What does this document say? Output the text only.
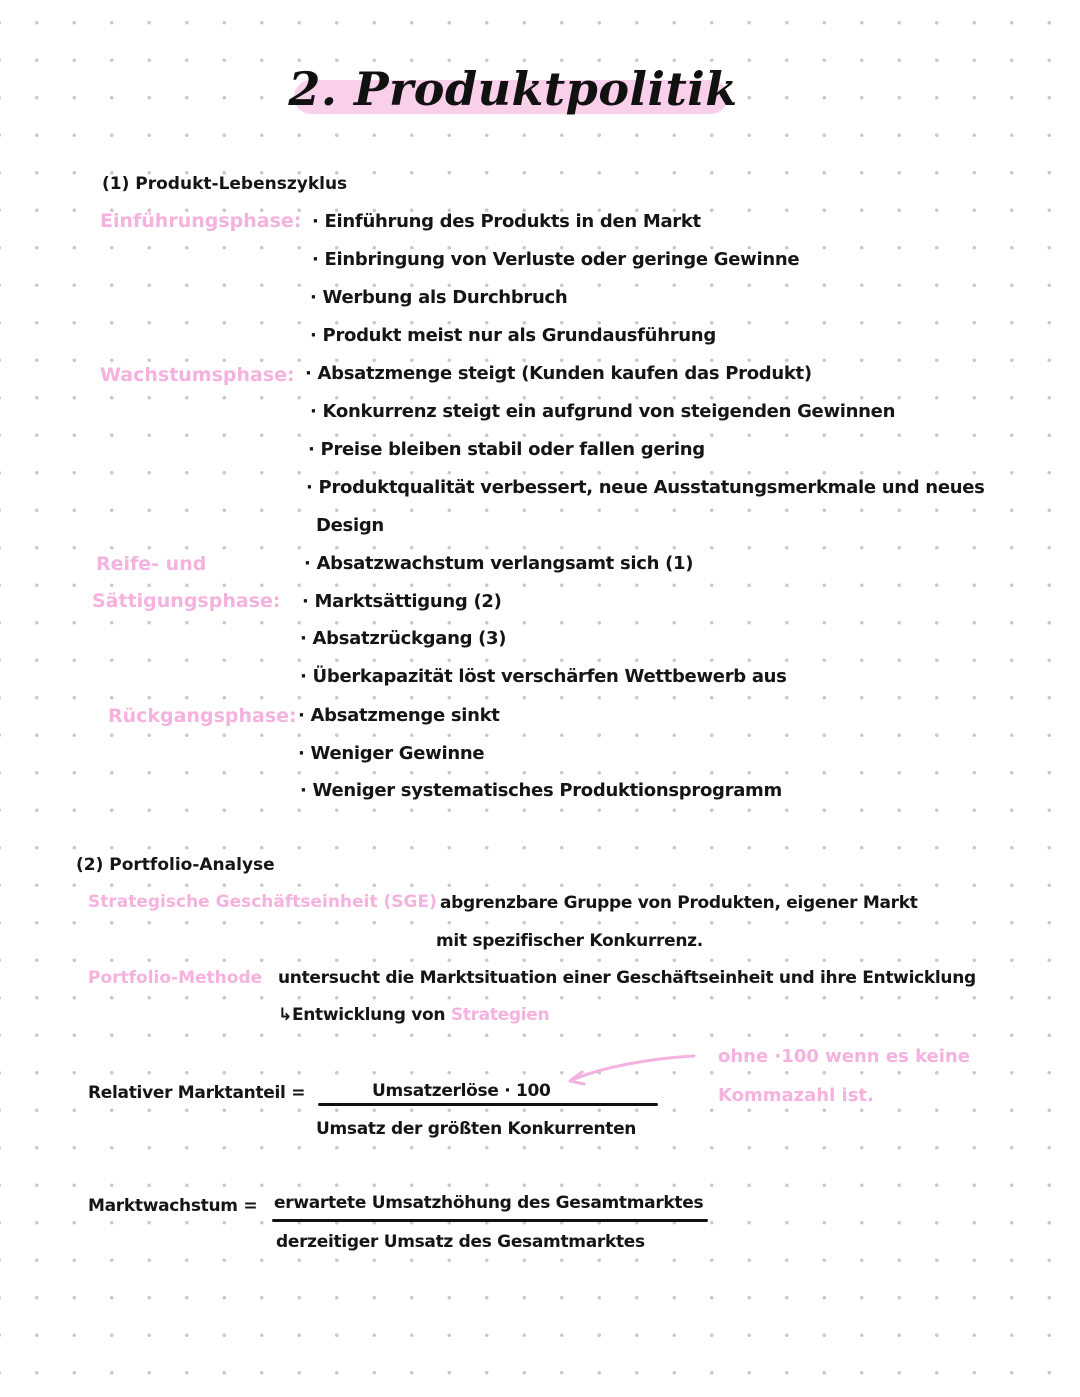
2. Produktpolitik
(1) Produkt-Lebenszyklus
Einführungsphase: · Einführung des Produkts in den Markt
· Einbringung von Verluste oder geringe Gewinne
· Werbung als Durchbruch
· Produkt meist nur als Grundausführung
Wachstumsphase: · Absatzmenge steigt (Kunden kaufen das Produkt)
· Konkurrenz steigt ein aufgrund von steigenden Gewinnen
· Preise bleiben stabil oder fallen gering
· Produktqualität verbessert, neue Ausstatungsmerkmale und neues
Design
Reife- und
Sättigungsphase:
· Absatzwachstum verlangsamt sich (1)
· Marktsättigung (2)
· Absatzrückgang (3)
· Überkapazität löst verschärfen Wettbewerb aus
Rückgangsphase: · Absatzmenge sinkt
· Weniger Gewinne
· Weniger systematisches Produktionsprogramm
(2) Portfolio-Analyse
Strategische Geschäftseinheit (SGE) abgrenzbare Gruppe von Produkten, eigener Markt
mit spezifischer Konkurrenz.
Portfolio-Methode untersucht die Marktsituation einer Geschäftseinheit und ihre Entwicklung
↳Entwicklung von Strategien
Relativer Marktanteil =	Umsatzerlöse · 100
Umsatz der größten Konkurrenten
ohne ·100 wenn es keine
Kommazahl ist.
Marktwachstum = erwartete Umsatzhöhung des Gesamtmarktes
derzeitiger Umsatz des Gesamtmarktes
